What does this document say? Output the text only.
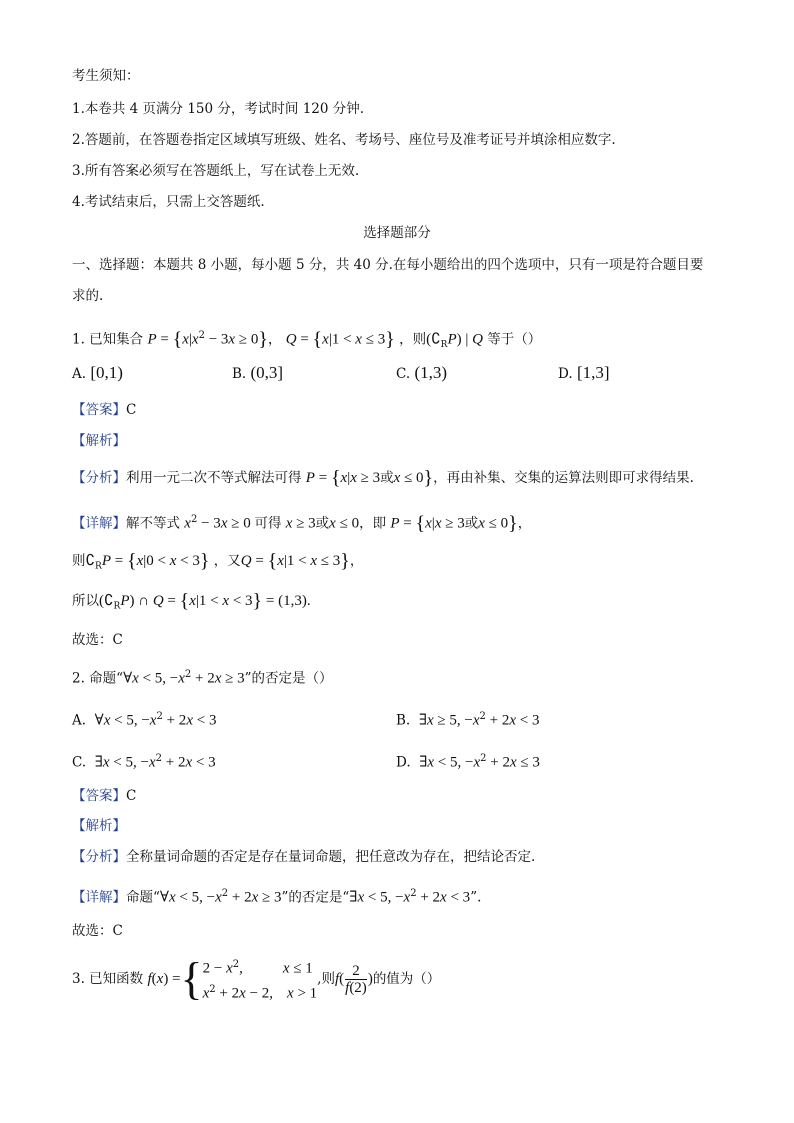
考生须知：
1.本卷共 4 页满分 150 分，考试时间 120 分钟.
2.答题前，在答题卷指定区域填写班级、姓名、考场号、座位号及准考证号并填涂相应数字.
3.所有答案必须写在答题纸上，写在试卷上无效.
4.考试结束后，只需上交答题纸.
选择题部分
一、选择题：本题共 8 小题，每小题 5 分，共 40 分.在每小题给出的四个选项中，只有一项是符合题目要
求的.
1. 已知集合 $P = \{x|x^2 - 3x \ge 0\}$， Q = {x|1 < x ≤ 3} ，则$(∁_RP)$ | Q 等于（）
A. [0,1)	B. (0,3]	C. (1,3)	D. [1,3]
【答案】C
【解析】
【分析】利用一元二次不等式解法可得 P = {x|x ≥ 3或x ≤ 0}，再由补集、交集的运算法则即可求得结果.
【详解】解不等式 $x^2 - 3x \ge 0$ 可得 x ≥ 3或x ≤ 0，即 P = {x|x ≥ 3或x ≤ 0}，
则$∁_RP = \{x|0 < x < 3\}$ ，又Q = {x|1 < x ≤ 3}，
所以$(∁_RP)$ ∩ Q = {x|1 < x < 3} = (1,3).
故选：C
2. 命题“∀x < 5, $-x^2 + 2x \ge 3$”的否定是（）
A. ∀x < 5, $-x^2 + 2x < 3$	B. ∃x ≥ 5, $-x^2 + 2x < 3$
C. ∃x < 5, $-x^2 + 2x < 3$	D. ∃x < 5, $-x^2 + 2x \le 3$
【答案】C
【解析】
【分析】全称量词命题的否定是存在量词命题，把任意改为存在，把结论否定.
【详解】命题“∀x < 5, $-x^2 + 2x \ge 3$”的否定是“∃x < 5, $-x^2 + 2x < 3$”.
故选：C
3. 已知函数
f ( x ) = { $2 - x^2$,	x ≤ 1
$x^2 + 2x - 2$, x > 1
,则 f ( $\frac{2}{f(2)}$ ) 的值为（）
